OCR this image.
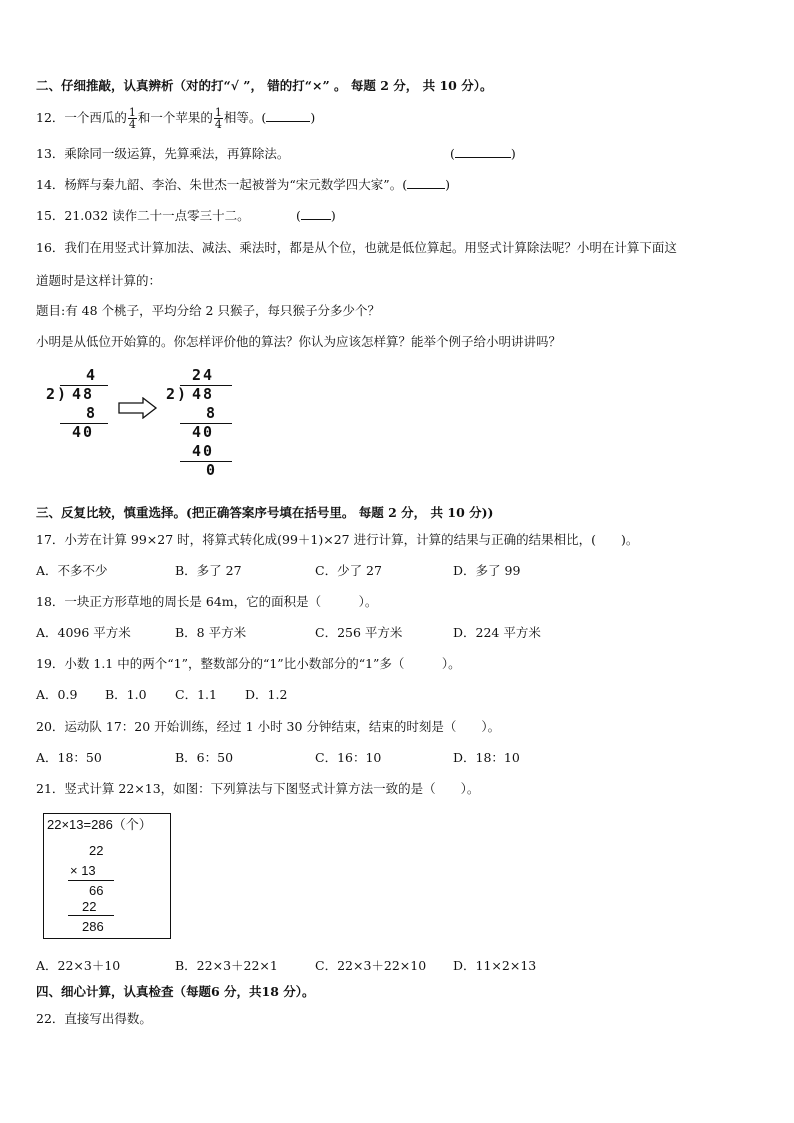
二、仔细推敲，认真辨析（对的打“√ ”， 错的打“×” 。 每题 2 分， 共 10 分）。
12．一个西瓜的 $\frac{1}{4}$ 和一个苹果的 $\frac{1}{4}$ 相等。(	)
13．乘除同一级运算，先算乘法，再算除法。	(	)
14．杨辉与秦九韶、李治、朱世杰一起被誉为“宋元数学四大家”。(	)
15．21.032 读作二十一点零三十二。	( )
16．我们在用竖式计算加法、减法、乘法时，都是从个位，也就是低位算起。用竖式计算除法呢？小明在计算下面这
道题时是这样计算的：
题目:有 48 个桃子，平均分给 2 只猴子，每只猴子分多少个？
小明是从低位开始算的。你怎样评价他的算法？你认为应该怎样算？能举个例子给小明讲讲吗？
4
2 ) 48
8
40
24
2 ) 48
8
40
40
0
三、反复比较，慎重选择。(把正确答案序号填在括号里。 每题 2 分， 共 10 分))
17．小芳在计算 99×27 时，将算式转化成(99＋1)×27 进行计算，计算的结果与正确的结果相比，(　　)。
A．不多不少	B．多了 27	C．少了 27	D．多了 99
18．一块正方形草地的周长是 64m，它的面积是（　　　）。
A．4096 平方米	B．8 平方米	C．256 平方米	D．224 平方米
19．小数 1.1 中的两个“1”，整数部分的“1”比小数部分的“1”多（　　　）。
A．0.9 B．1.0 C．1.1 D．1.2
20．运动队 17：20 开始训练，经过 1 小时 30 分钟结束，结束的时刻是（　　）。
A．18：50	B．6：50	C．16：10	D．18：10
21．竖式计算 22×13，如图：下列算法与下图竖式计算方法一致的是（　　）。
22×13=286（个）
22
× 13
66
22
286
A．22×3＋10	B．22×3＋22×1	C．22×3＋22×10 D．11×2×13
四、细心计算，认真检查（每题6 分，共18 分）。
22．直接写出得数。
